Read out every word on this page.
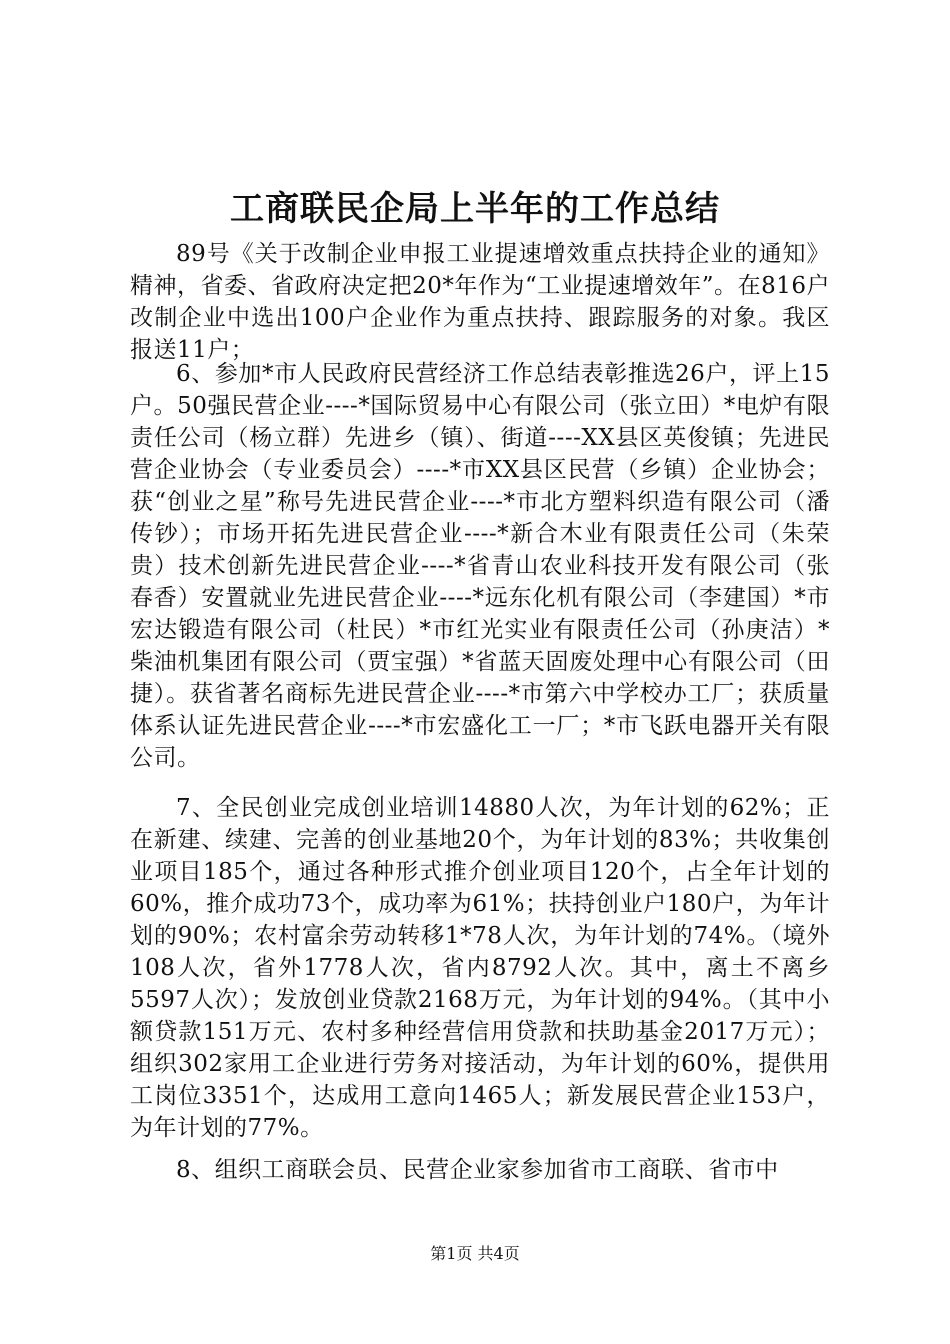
工商联民企局上半年的工作总结

89号《关于改制企业申报工业提速增效重点扶持企业的通知》精神，省委、省政府决定把20*年作为“工业提速增效年”。在816户改制企业中选出100户企业作为重点扶持、跟踪服务的对象。我区报送11户；

6、参加*市人民政府民营经济工作总结表彰推选26户，评上15户。50强民营企业----*国际贸易中心有限公司（张立田）*电炉有限责任公司（杨立群）先进乡（镇）、街道----XX县区英俊镇；先进民营企业协会（专业委员会）----*市XX县区民营（乡镇）企业协会；获“创业之星”称号先进民营企业----*市北方塑料织造有限公司（潘传钞）；市场开拓先进民营企业----*新合木业有限责任公司（朱荣贵）技术创新先进民营企业----*省青山农业科技开发有限公司（张春香）安置就业先进民营企业----*远东化机有限公司（李建国）*市宏达锻造有限公司（杜民）*市红光实业有限责任公司（孙庚洁）*柴油机集团有限公司（贾宝强）*省蓝天固废处理中心有限公司（田捷）。获省著名商标先进民营企业----*市第六中学校办工厂；获质量体系认证先进民营企业----*市宏盛化工一厂；*市飞跃电器开关有限公司。

7、全民创业完成创业培训14880人次，为年计划的62%；正在新建、续建、完善的创业基地20个，为年计划的83%；共收集创业项目185个，通过各种形式推介创业项目120个，占全年计划的60%，推介成功73个，成功率为61%；扶持创业户180户，为年计划的90%；农村富余劳动转移1*78人次，为年计划的74%。（境外108人次，省外1778人次，省内8792人次。其中，离土不离乡5597人次）；发放创业贷款2168万元，为年计划的94%。（其中小额贷款151万元、农村多种经营信用贷款和扶助基金2017万元）；组织302家用工企业进行劳务对接活动，为年计划的60%，提供用工岗位3351个，达成用工意向1465人；新发展民营企业153户，为年计划的77%。

8、组织工商联会员、民营企业家参加省市工商联、省市中

第1页 共4页
